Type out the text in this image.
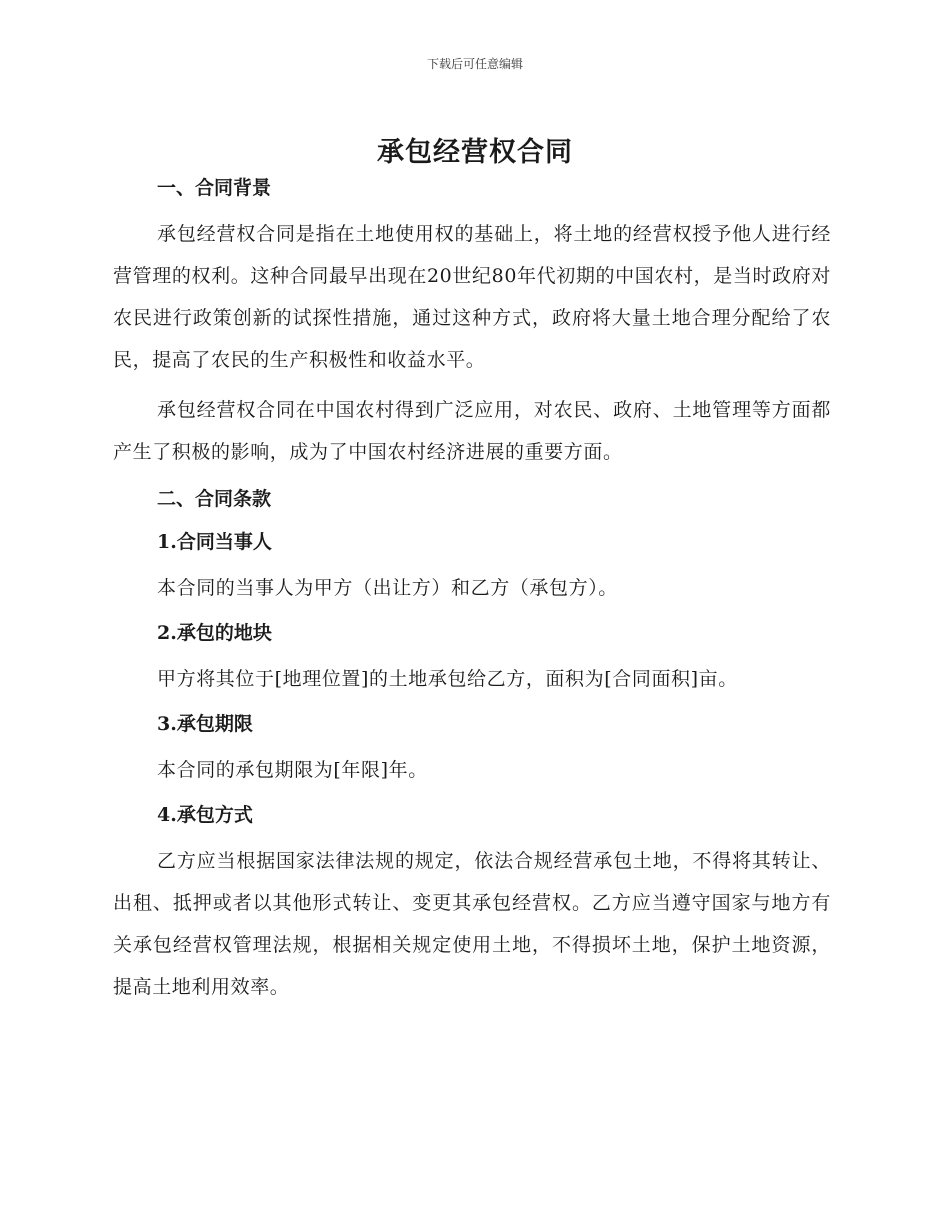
下载后可任意编辑
承包经营权合同

一、合同背景

承包经营权合同是指在土地使用权的基础上，将土地的经营权授予他人进行经营管理的权利。这种合同最早出现在20世纪80年代初期的中国农村，是当时政府对农民进行政策创新的试探性措施，通过这种方式，政府将大量土地合理分配给了农民，提高了农民的生产积极性和收益水平。

承包经营权合同在中国农村得到广泛应用，对农民、政府、土地管理等方面都产生了积极的影响，成为了中国农村经济进展的重要方面。

二、合同条款

1.合同当事人

本合同的当事人为甲方（出让方）和乙方（承包方）。

2.承包的地块

甲方将其位于[地理位置]的土地承包给乙方，面积为[合同面积]亩。

3.承包期限

本合同的承包期限为[年限]年。

4.承包方式

乙方应当根据国家法律法规的规定，依法合规经营承包土地，不得将其转让、出租、抵押或者以其他形式转让、变更其承包经营权。乙方应当遵守国家与地方有关承包经营权管理法规，根据相关规定使用土地，不得损坏土地，保护土地资源，提高土地利用效率。
